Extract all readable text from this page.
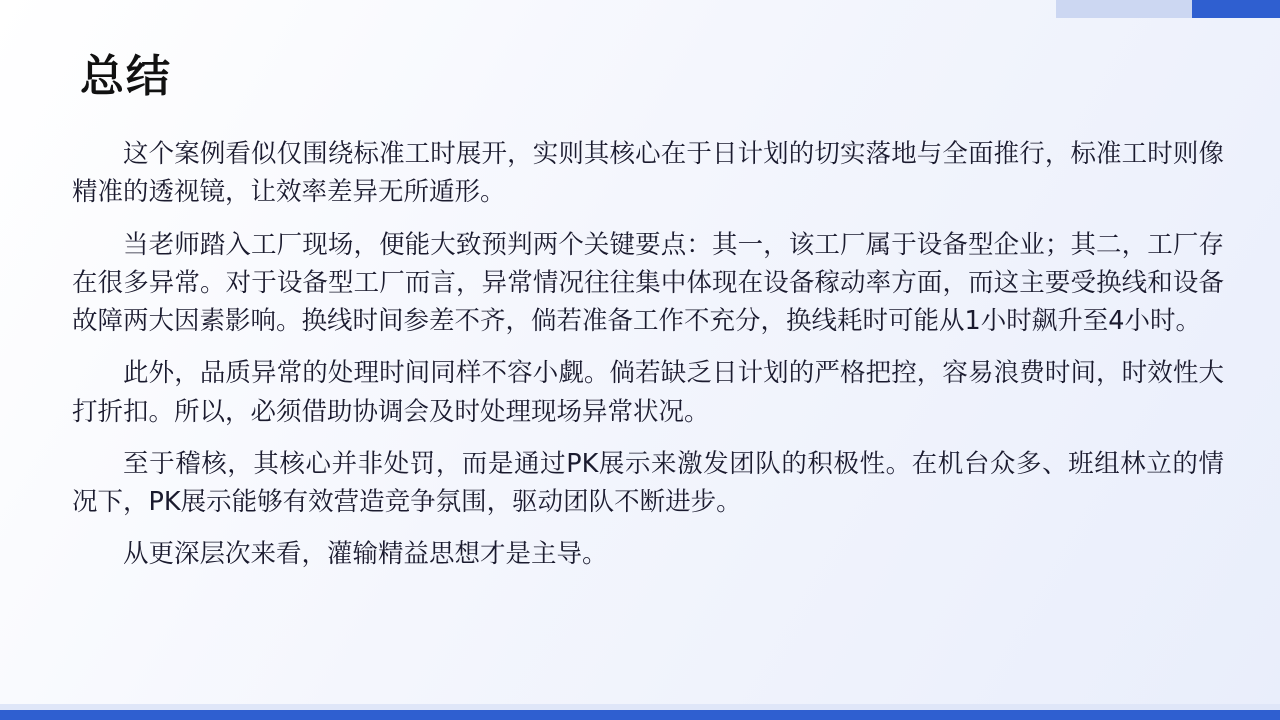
总结

这个案例看似仅围绕标准工时展开，实则其核心在于日计划的切实落地与全面推行，标准工时则像精准的透视镜，让效率差异无所遁形。

当老师踏入工厂现场，便能大致预判两个关键要点：其一，该工厂属于设备型企业；其二，工厂存在很多异常。对于设备型工厂而言，异常情况往往集中体现在设备稼动率方面，而这主要受换线和设备故障两大因素影响。换线时间参差不齐，倘若准备工作不充分，换线耗时可能从1小时飙升至4小时。

此外，品质异常的处理时间同样不容小觑。倘若缺乏日计划的严格把控，容易浪费时间，时效性大打折扣。所以，必须借助协调会及时处理现场异常状况。

至于稽核，其核心并非处罚，而是通过PK展示来激发团队的积极性。在机台众多、班组林立的情况下，PK展示能够有效营造竞争氛围，驱动团队不断进步。

从更深层次来看，灌输精益思想才是主导。
